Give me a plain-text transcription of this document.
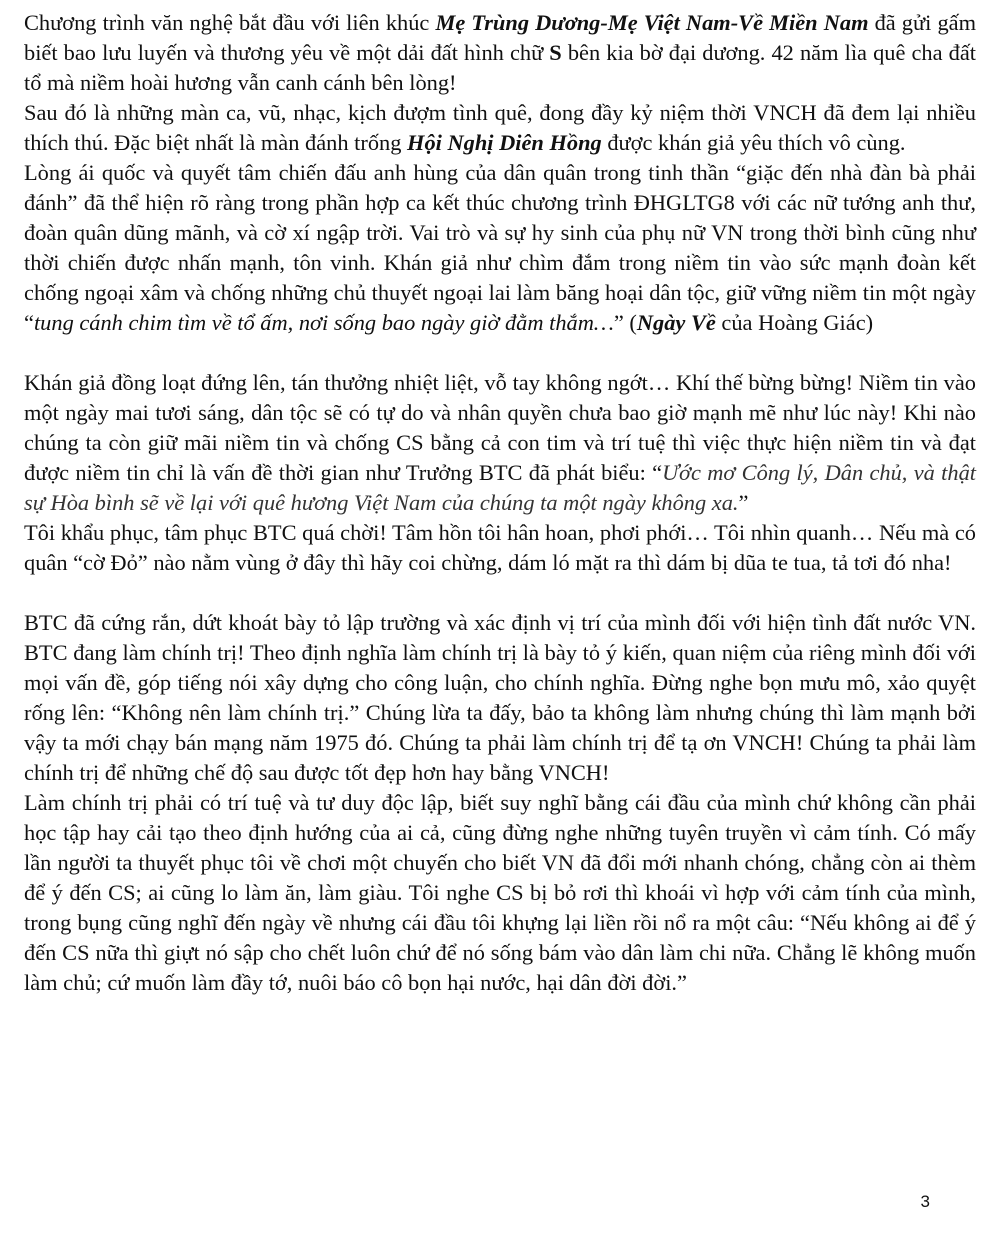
Chương trình văn nghệ bắt đầu với liên khúc Mẹ Trùng Dương-Mẹ Việt Nam-Về Miền Nam đã gửi gấm biết bao lưu luyến và thương yêu về một dải đất hình chữ S bên kia bờ đại dương. 42 năm lìa quê cha đất tổ mà niềm hoài hương vẫn canh cánh bên lòng!

Sau đó là những màn ca, vũ, nhạc, kịch đượm tình quê, đong đầy kỷ niệm thời VNCH đã đem lại nhiều thích thú. Đặc biệt nhất là màn đánh trống Hội Nghị Diên Hồng được khán giả yêu thích vô cùng.

Lòng ái quốc và quyết tâm chiến đấu anh hùng của dân quân trong tinh thần “giặc đến nhà đàn bà phải đánh” đã thể hiện rõ ràng trong phần hợp ca kết thúc chương trình ĐHGLTG8 với các nữ tướng anh thư, đoàn quân dũng mãnh, và cờ xí ngập trời. Vai trò và sự hy sinh của phụ nữ VN trong thời bình cũng như thời chiến được nhấn mạnh, tôn vinh. Khán giả như chìm đắm trong niềm tin vào sức mạnh đoàn kết chống ngoại xâm và chống những chủ thuyết ngoại lai làm băng hoại dân tộc, giữ vững niềm tin một ngày “tung cánh chim tìm về tổ ấm, nơi sống bao ngày giờ đằm thắm…” (Ngày Về của Hoàng Giác)

Khán giả đồng loạt đứng lên, tán thưởng nhiệt liệt, vỗ tay không ngớt… Khí thế bừng bừng! Niềm tin vào một ngày mai tươi sáng, dân tộc sẽ có tự do và nhân quyền chưa bao giờ mạnh mẽ như lúc này! Khi nào chúng ta còn giữ mãi niềm tin và chống CS bằng cả con tim và trí tuệ thì việc thực hiện niềm tin và đạt được niềm tin chỉ là vấn đề thời gian như Trưởng BTC đã phát biểu: “Ước mơ Công lý, Dân chủ, và thật sự Hòa bình sẽ về lại với quê hương Việt Nam của chúng ta một ngày không xa.”

Tôi khẩu phục, tâm phục BTC quá chời! Tâm hồn tôi hân hoan, phơi phới… Tôi nhìn quanh… Nếu mà có quân “cờ Đỏ” nào nằm vùng ở đây thì hãy coi chừng, dám ló mặt ra thì dám bị dũa te tua, tả tơi đó nha!

BTC đã cứng rắn, dứt khoát bày tỏ lập trường và xác định vị trí của mình đối với hiện tình đất nước VN. BTC đang làm chính trị! Theo định nghĩa làm chính trị là bày tỏ ý kiến, quan niệm của riêng mình đối với mọi vấn đề, góp tiếng nói xây dựng cho công luận, cho chính nghĩa. Đừng nghe bọn mưu mô, xảo quyệt rống lên: “Không nên làm chính trị.” Chúng lừa ta đấy, bảo ta không làm nhưng chúng thì làm mạnh bởi vậy ta mới chạy bán mạng năm 1975 đó. Chúng ta phải làm chính trị để tạ ơn VNCH! Chúng ta phải làm chính trị để những chế độ sau được tốt đẹp hơn hay bằng VNCH!

Làm chính trị phải có trí tuệ và tư duy độc lập, biết suy nghĩ bằng cái đầu của mình chứ không cần phải học tập hay cải tạo theo định hướng của ai cả, cũng đừng nghe những tuyên truyền vì cảm tính. Có mấy lần người ta thuyết phục tôi về chơi một chuyến cho biết VN đã đổi mới nhanh chóng, chẳng còn ai thèm để ý đến CS; ai cũng lo làm ăn, làm giàu. Tôi nghe CS bị bỏ rơi thì khoái vì hợp với cảm tính của mình, trong bụng cũng nghĩ đến ngày về nhưng cái đầu tôi khựng lại liền rồi nổ ra một câu: “Nếu không ai để ý đến CS nữa thì giựt nó sập cho chết luôn chứ để nó sống bám vào dân làm chi nữa. Chẳng lẽ không muốn làm chủ; cứ muốn làm đầy tớ, nuôi báo cô bọn hại nước, hại dân đời đời.”

3
